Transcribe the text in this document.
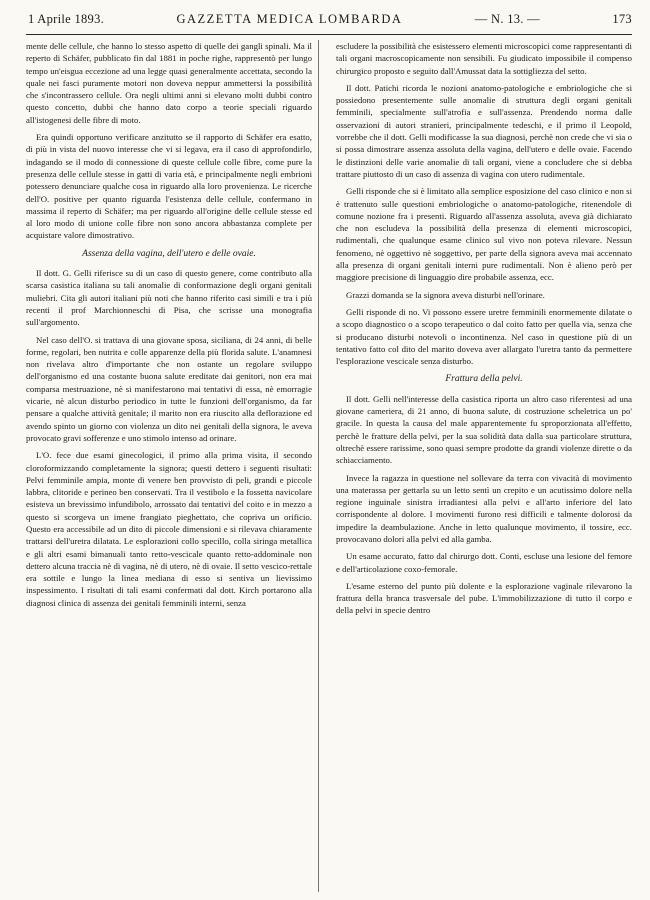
1 Aprile 1893.	GAZZETTA MEDICA LOMBARDA	— N. 13. —	173

mente delle cellule, che hanno lo stesso aspetto di quelle dei gangli spinali. Ma il reperto di Schäfer, pubblicato fin dal 1881 in poche righe, rappresentò per lungo tempo un'eisgua eccezione ad una legge quasi generalmente accettata, secondo la quale nei fasci puramente motori non doveva neppur ammettersi la possibilità che s'incontrassero cellule. Ora negli ultimi anni si elevano molti dubbi contro questo concetto, dubbi che hanno dato corpo a teorie speciali riguardo all'istogenesi delle fibre di moto.

Era quindi opportuno verificare anzitutto se il rapporto di Schäfer era esatto, di più in vista del nuovo interesse che vi si legava, era il caso di approfondirlo, indagando se il modo di connessione di queste cellule colle fibre, come pure la presenza delle cellule stesse in gatti di varia età, e principalmente negli embrioni potessero denunciare qualche cosa in riguardo alla loro provenienza. Le ricerche dell'O. positive per quanto riguarda l'esistenza delle cellule, confermano in massima il reperto di Schäfer; ma per riguardo all'origine delle cellule stesse ed al loro modo di unione colle fibre non sono ancora abbastanza complete per acquistare valore dimostrativo.

Assenza della vagina, dell'utero e delle ovaie.

Il dott. G. Gelli riferisce su di un caso di questo genere, come contributo alla scarsa casistica italiana su tali anomalie di conformazione degli organi genitali muliebri. Cita gli autori italiani più noti che hanno riferito casi simili e tra i più recenti il prof Marchionneschi di Pisa, che scrisse una monografia sull'argomento.

Nel caso dell'O. si trattava di una giovane sposa, siciliana, di 24 anni, di belle forme, regolari, ben nutrita e colle apparenze della più florida salute. L'anamnesi non rivelava altro d'importante che non ostante un regolare sviluppo dell'organismo ed una costante buona salute ereditate dai genitori, non era mai comparsa mestruazione, nè si manifestarono mai tentativi di essa, nè emorragie vicarie, nè alcun disturbo periodico in tutte le funzioni dell'organismo, da far pensare a qualche attività genitale; il marito non era riuscito alla deflorazione ed avendo spinto un giorno con violenza un dito nei genitali della signora, le aveva provocato gravi sofferenze e uno stimolo intenso ad orinare.

L'O. fece due esami ginecologici, il primo alla prima visita, il secondo cloroformizzando completamente la signora; questi dettero i seguenti risultati: Pelvi femminile ampia, monte di venere ben provvisto di peli, grandi e piccole labbra, clitoride e perineo ben conservati. Tra il vestibolo e la fossetta navicolare esisteva un brevissimo infundibolo, arrossato dai tentativi del coito e in mezzo a questo si scorgeva un imene frangiato pieghettato, che copriva un orificio. Questo era accessibile ad un dito di piccole dimensioni e si rilevava chiaramente trattarsi dell'uretra dilatata. Le esplorazioni collo specillo, colla siringa metallica e gli altri esami bimanuali tanto retto-vescicale quanto retto-addominale non dettero alcuna traccia nè di vagina, nè di utero, nè di ovaie. Il setto vescico-rettale era sottile e lungo la linea mediana di esso si sentiva un lievissimo inspessimento. I risultati di tali esami confermati dal dott. Kirch portarono alla diagnosi clinica di assenza dei genitali femminili interni, senza

escludere la possibilità che esistessero elementi microscopici come rappresentanti di tali organi macroscopicamente non sensibili. Fu giudicato impossibile il compenso chirurgico proposto e seguito dall'Amussat data la sottigliezza del setto.

Il dott. Patichi ricorda le nozioni anatomo-patologiche e embriologiche che si possiedono presentemente sulle anomalie di struttura degli organi genitali femminili, specialmente sull'atrofia e sull'assenza. Prendendo norma dalle osservazioni di autori stranieri, principalmente tedeschi, e il primo il Leopold, vorrebbe che il dott. Gelli modificasse la sua diagnosi, perchè non crede che vi sia o si possa dimostrare assenza assoluta della vagina, dell'utero e delle ovaie. Facendo le distinzioni delle varie anomalie di tali organi, viene a concludere che si debba trattare piuttosto di un caso di assenza di vagina con utero rudimentale.

Gelli risponde che si è limitato alla semplice esposizione del caso clinico e non si è trattenuto sulle questioni embriologiche o anatomo-patologiche, ritenendole di comune nozione fra i presenti. Riguardo all'assenza assoluta, aveva già dichiarato che non escludeva la possibilità della presenza di elementi microscopici, rudimentali, che qualunque esame clinico sul vivo non poteva rilevare. Nessun fenomeno, nè oggettivo nè soggettivo, per parte della signora aveva mai accennato alla presenza di organi genitali interni pure rudimentali. Non è alieno però per maggiore precisione di linguaggio dire probabile assenza, ecc.

Grazzi domanda se la signora aveva disturbi nell'orinare.

Gelli risponde di no. Vi possono essere uretre femminili enormemente dilatate o a scopo diagnostico o a scopo terapeutico o dal coito fatto per quella via, senza che si producano disturbi notevoli o incontinenza. Nel caso in questione più di un tentativo fatto col dito del marito doveva aver allargato l'uretra tanto da permettere l'esplorazione vescicale senza disturbo.

Frattura della pelvi.

Il dott. Gelli nell'interesse della casistica riporta un altro caso riferentesi ad una giovane cameriera, di 21 anno, di buona salute, di costruzione scheletrica un po' gracile. In questa la causa del male apparentemente fu sproporzionata all'effetto, perchè le fratture della pelvi, per la sua solidità data dalla sua particolare struttura, oltrechè essere rarissime, sono quasi sempre prodotte da grandi violenze dirette o da schiacciamento.

Invece la ragazza in questione nel sollevare da terra con vivacità di movimento una materassa per gettarla su un letto sentì un crepito e un acutissimo dolore nella regione inguinale sinistra irradiantesi alla pelvi e all'arto inferiore del lato corrispondente al dolore. I movimenti furono resi difficili e talmente dolorosi da impedire la deambulazione. Anche in letto qualunque movimento, il tossire, ecc. provocavano dolori alla pelvi ed alla gamba.

Un esame accurato, fatto dal chirurgo dott. Conti, escluse una lesione del femore e dell'articolazione coxo-femorale.

L'esame esterno del punto più dolente e la esplorazione vaginale rilevarono la frattura della branca trasversale del pube. L'immobilizzazione di tutto il corpo e della pelvi in specie dentro
